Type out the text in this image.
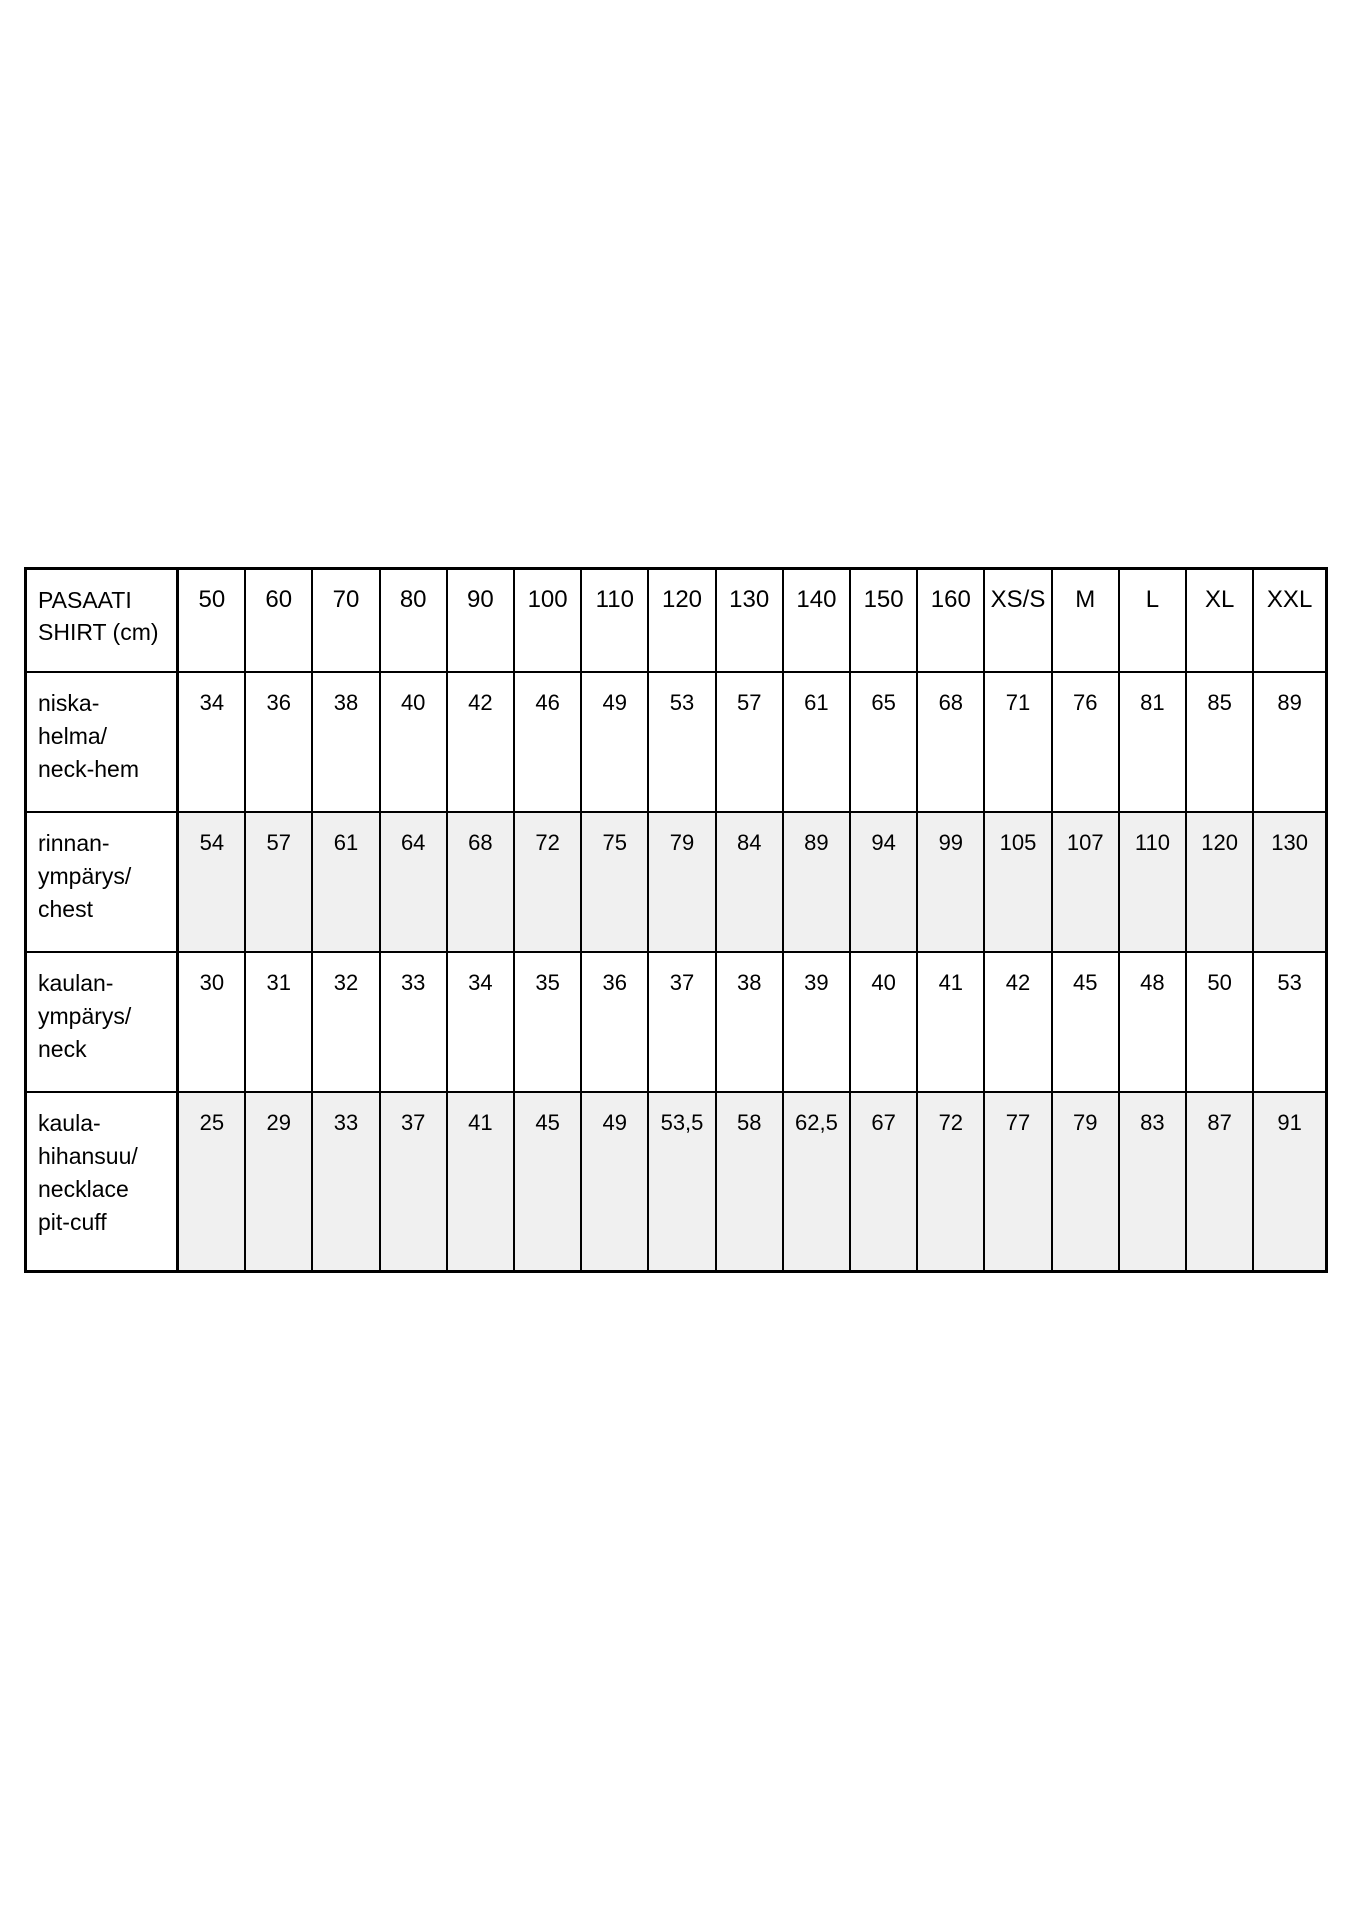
PASAATI
SHIRT (cm)	50	60	70	80	90	100	110	120	130	140	150	160	XS/S	M	L	XL	XXL

niska-
helma/
neck-hem	34	36	38	40	42	46	49	53	57	61	65	68	71	76	81	85	89

rinnan-
ympärys/
chest	54	57	61	64	68	72	75	79	84	89	94	99	105	107	110	120	130

kaulan-
ympärys/
neck	30	31	32	33	34	35	36	37	38	39	40	41	42	45	48	50	53

kaula-
hihansuu/
necklace
pit-cuff	25	29	33	37	41	45	49	53,5	58	62,5	67	72	77	79	83	87	91
